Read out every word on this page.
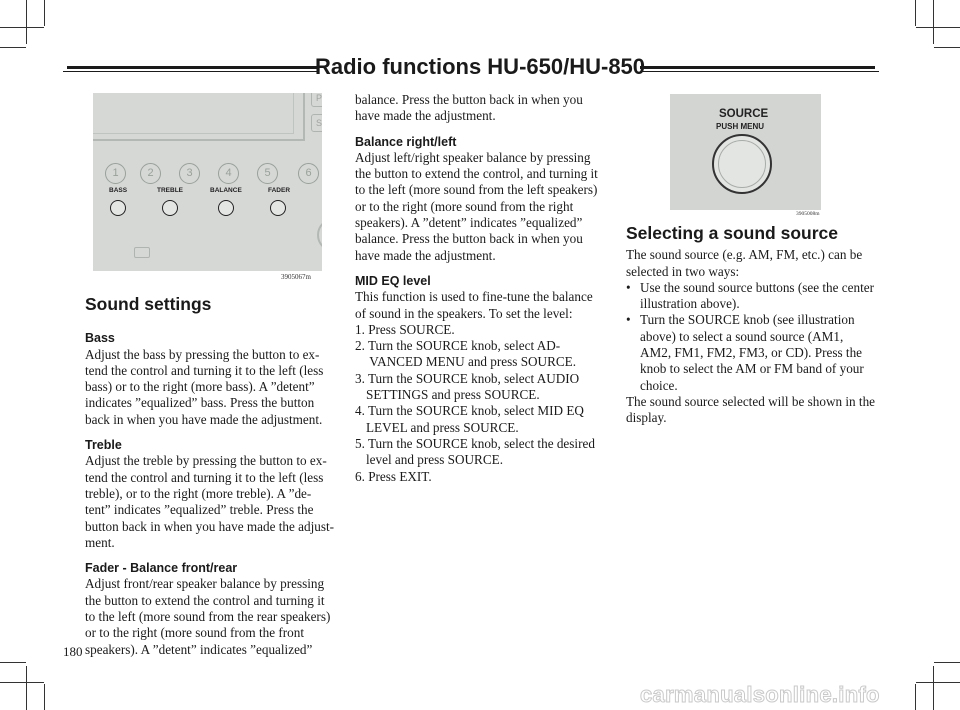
Radio functions HU-650/HU-850
P
S
1	2	3	4	5	6
BASS	TREBLE	BALANCE	FADER
3905067m
SOURCE
PUSH MENU
3905008m
Sound settings
Bass

Adjust the bass by pressing the button to ex-

tend the control and turning it to the left (less

bass) or to the right (more bass). A ”detent”

indicates ”equalized” bass. Press the button

back in when you have made the adjustment.

Treble

Adjust the treble by pressing the button to ex-

tend the control and turning it to the left (less

treble), or to the right (more treble). A ”de-

tent” indicates ”equalized” treble. Press the

button back in when you have made the adjust-

ment.

Fader - Balance front/rear

Adjust front/rear speaker balance by pressing

the button to extend the control and turning it

to the left (more sound from the rear speakers)

or to the right (more sound from the front

speakers). A ”detent” indicates ”equalized”

balance. Press the button back in when you

have made the adjustment.

Balance right/left

Adjust left/right speaker balance by pressing

the button to extend the control, and turning it

to the left (more sound from the left speakers)

or to the right (more sound from the right

speakers). A ”detent” indicates ”equalized”

balance. Press the button back in when you

have made the adjustment.

MID EQ level

This function is used to fine-tune the balance

of sound in the speakers. To set the level:

1. Press SOURCE.
2. Turn the SOURCE knob, select AD- VANCED MENU and press SOURCE.
3. Turn the SOURCE knob, select AUDIO SETTINGS and press SOURCE.
4. Turn the SOURCE knob, select MID EQ LEVEL and press SOURCE.
5. Turn the SOURCE knob, select the desired level and press SOURCE.
6. Press EXIT.
Selecting a sound source

The sound source (e.g. AM, FM, etc.) can be

selected in two ways:

• Use the sound source buttons (see the center illustration above).
• Turn the SOURCE knob (see illustration above) to select a sound source (AM1, AM2, FM1, FM2, FM3, or CD). Press the knob to select the AM or FM band of your choice.

The sound source selected will be shown in the

display.

180
carmanualsonline.info
